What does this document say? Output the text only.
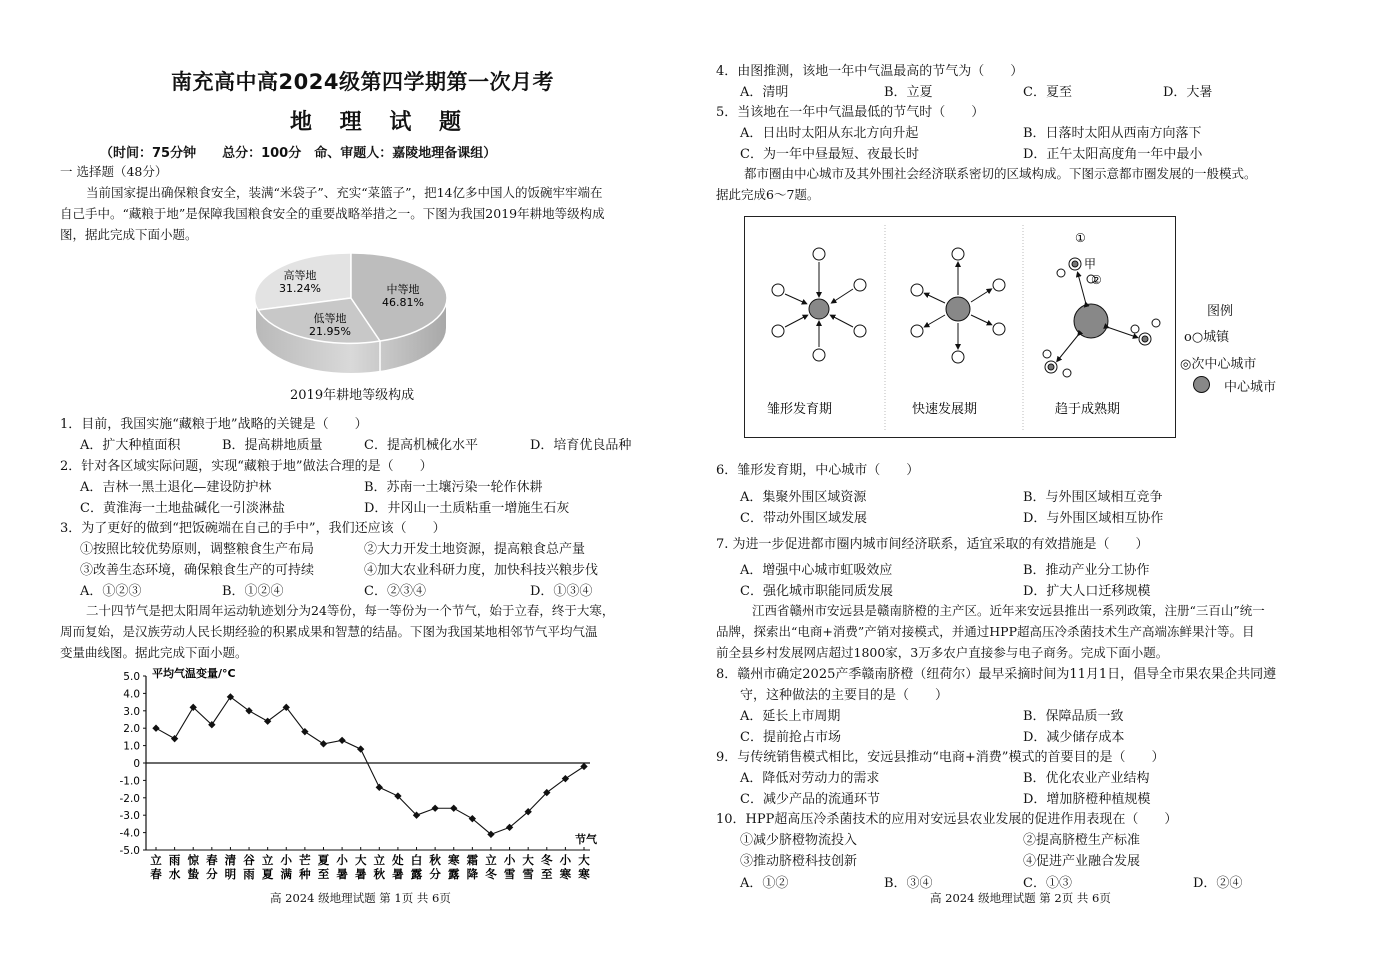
南充高中高2024级第四学期第一次月考
地 理 试 题
（时间：75分钟　　总分：100分　命、审题人：嘉陵地理备课组）
一 选择题（48分）
当前国家提出确保粮食安全，装满“米袋子”、充实“菜篮子”，把14亿多中国人的饭碗牢牢端在
自己手中。“藏粮于地”是保障我国粮食安全的重要战略举措之一。下图为我国2019年耕地等级构成
图，据此完成下面小题。
高等地
31.24%	中等地
46.81%
低等地
21.95%
2019年耕地等级构成
1．目前，我国实施“藏粮于地”战略的关键是（　　）
A．扩大种植面积	B．提高耕地质量	C．提高机械化水平	D．培育优良品种
2．针对各区域实际问题，实现“藏粮于地”做法合理的是（　　）
A．吉林一黑土退化—建设防护林	B．苏南一土壤污染一轮作休耕
C．黄淮海一土地盐碱化一引淡淋盐	D．井冈山一土质粘重一增施生石灰
3．为了更好的做到“把饭碗端在自己的手中”，我们还应该（　　）
①按照比较优势原则，调整粮食生产布局	②大力开发土地资源，提高粮食总产量
③改善生态环境，确保粮食生产的可持续	④加大农业科研力度，加快科技兴粮步伐
A．①②③	B．①②④	C．②③④	D．①③④
二十四节气是把太阳周年运动轨迹划分为24等份，每一等份为一个节气，始于立春，终于大寒，
周而复始，是汉族劳动人民长期经验的积累成果和智慧的结晶。下图为我国某地相邻节气平均气温
变量曲线图。据此完成下面小题。
5.0
4.0
3.0
2.0
1.0
0
-1.0
-2.0
-3.0
-4.0
-5.0
立
春
雨
水
惊
蛰
春
分
清
明
谷
雨
立
夏
小
满
芒
种
夏
至
小
暑
大
暑
立
秋
处
暑
白
露
秋
分
寒
露
霜
降
立
冬
小
雪
大
雪
冬
至
小
寒
大
寒
平均气温变量/°C
节气
高 2024 级地理试题 第 1页 共 6页
4．由图推测，该地一年中气温最高的节气为（　　）
A．清明	B．立夏	C．夏至	D．大暑
5．当该地在一年中气温最低的节气时（　　）
A．日出时太阳从东北方向升起	B．日落时太阳从西南方向落下
C．为一年中昼最短、夜最长时	D．正午太阳高度角一年中最小
都市圈由中心城市及其外围社会经济联系密切的区域构成。下图示意都市圈发展的一般模式。
据此完成6～7题。
①
甲
②
雏形发育期	快速发展期	趋于成熟期
图例
o○城镇
◎次中心城市
中心城市
6．雏形发育期，中心城市（　　）
A．集聚外围区域资源	B．与外围区域相互竞争
C．带动外围区域发展	D．与外围区域相互协作
7. 为进一步促进都市圈内城市间经济联系，适宜采取的有效措施是（　　）
A．增强中心城市虹吸效应	B．推动产业分工协作
C．强化城市职能同质发展	D．扩大人口迁移规模
江西省赣州市安远县是赣南脐橙的主产区。近年来安远县推出一系列政策，注册“三百山”统一
品牌，探索出“电商+消费”产销对接模式，并通过HPP超高压冷杀菌技术生产高端冻鲜果汁等。目
前全县乡村发展网店超过1800家，3万多农户直接参与电子商务。完成下面小题。
8．赣州市确定2025产季赣南脐橙（纽荷尔）最早采摘时间为11月1日，倡导全市果农果企共同遵
守，这种做法的主要目的是（　　）
A．延长上市周期	B．保障品质一致
C．提前抢占市场	D．减少储存成本
9．与传统销售模式相比，安远县推动“电商+消费”模式的首要目的是（　　）
A．降低对劳动力的需求	B．优化农业产业结构
C．减少产品的流通环节	D．增加脐橙种植规模
10．HPP超高压冷杀菌技术的应用对安远县农业发展的促进作用表现在（　　）
①减少脐橙物流投入	②提高脐橙生产标准
③推动脐橙科技创新	④促进产业融合发展
A．①②	B．③④	C．①③	D．②④
高 2024 级地理试题 第 2页 共 6页
